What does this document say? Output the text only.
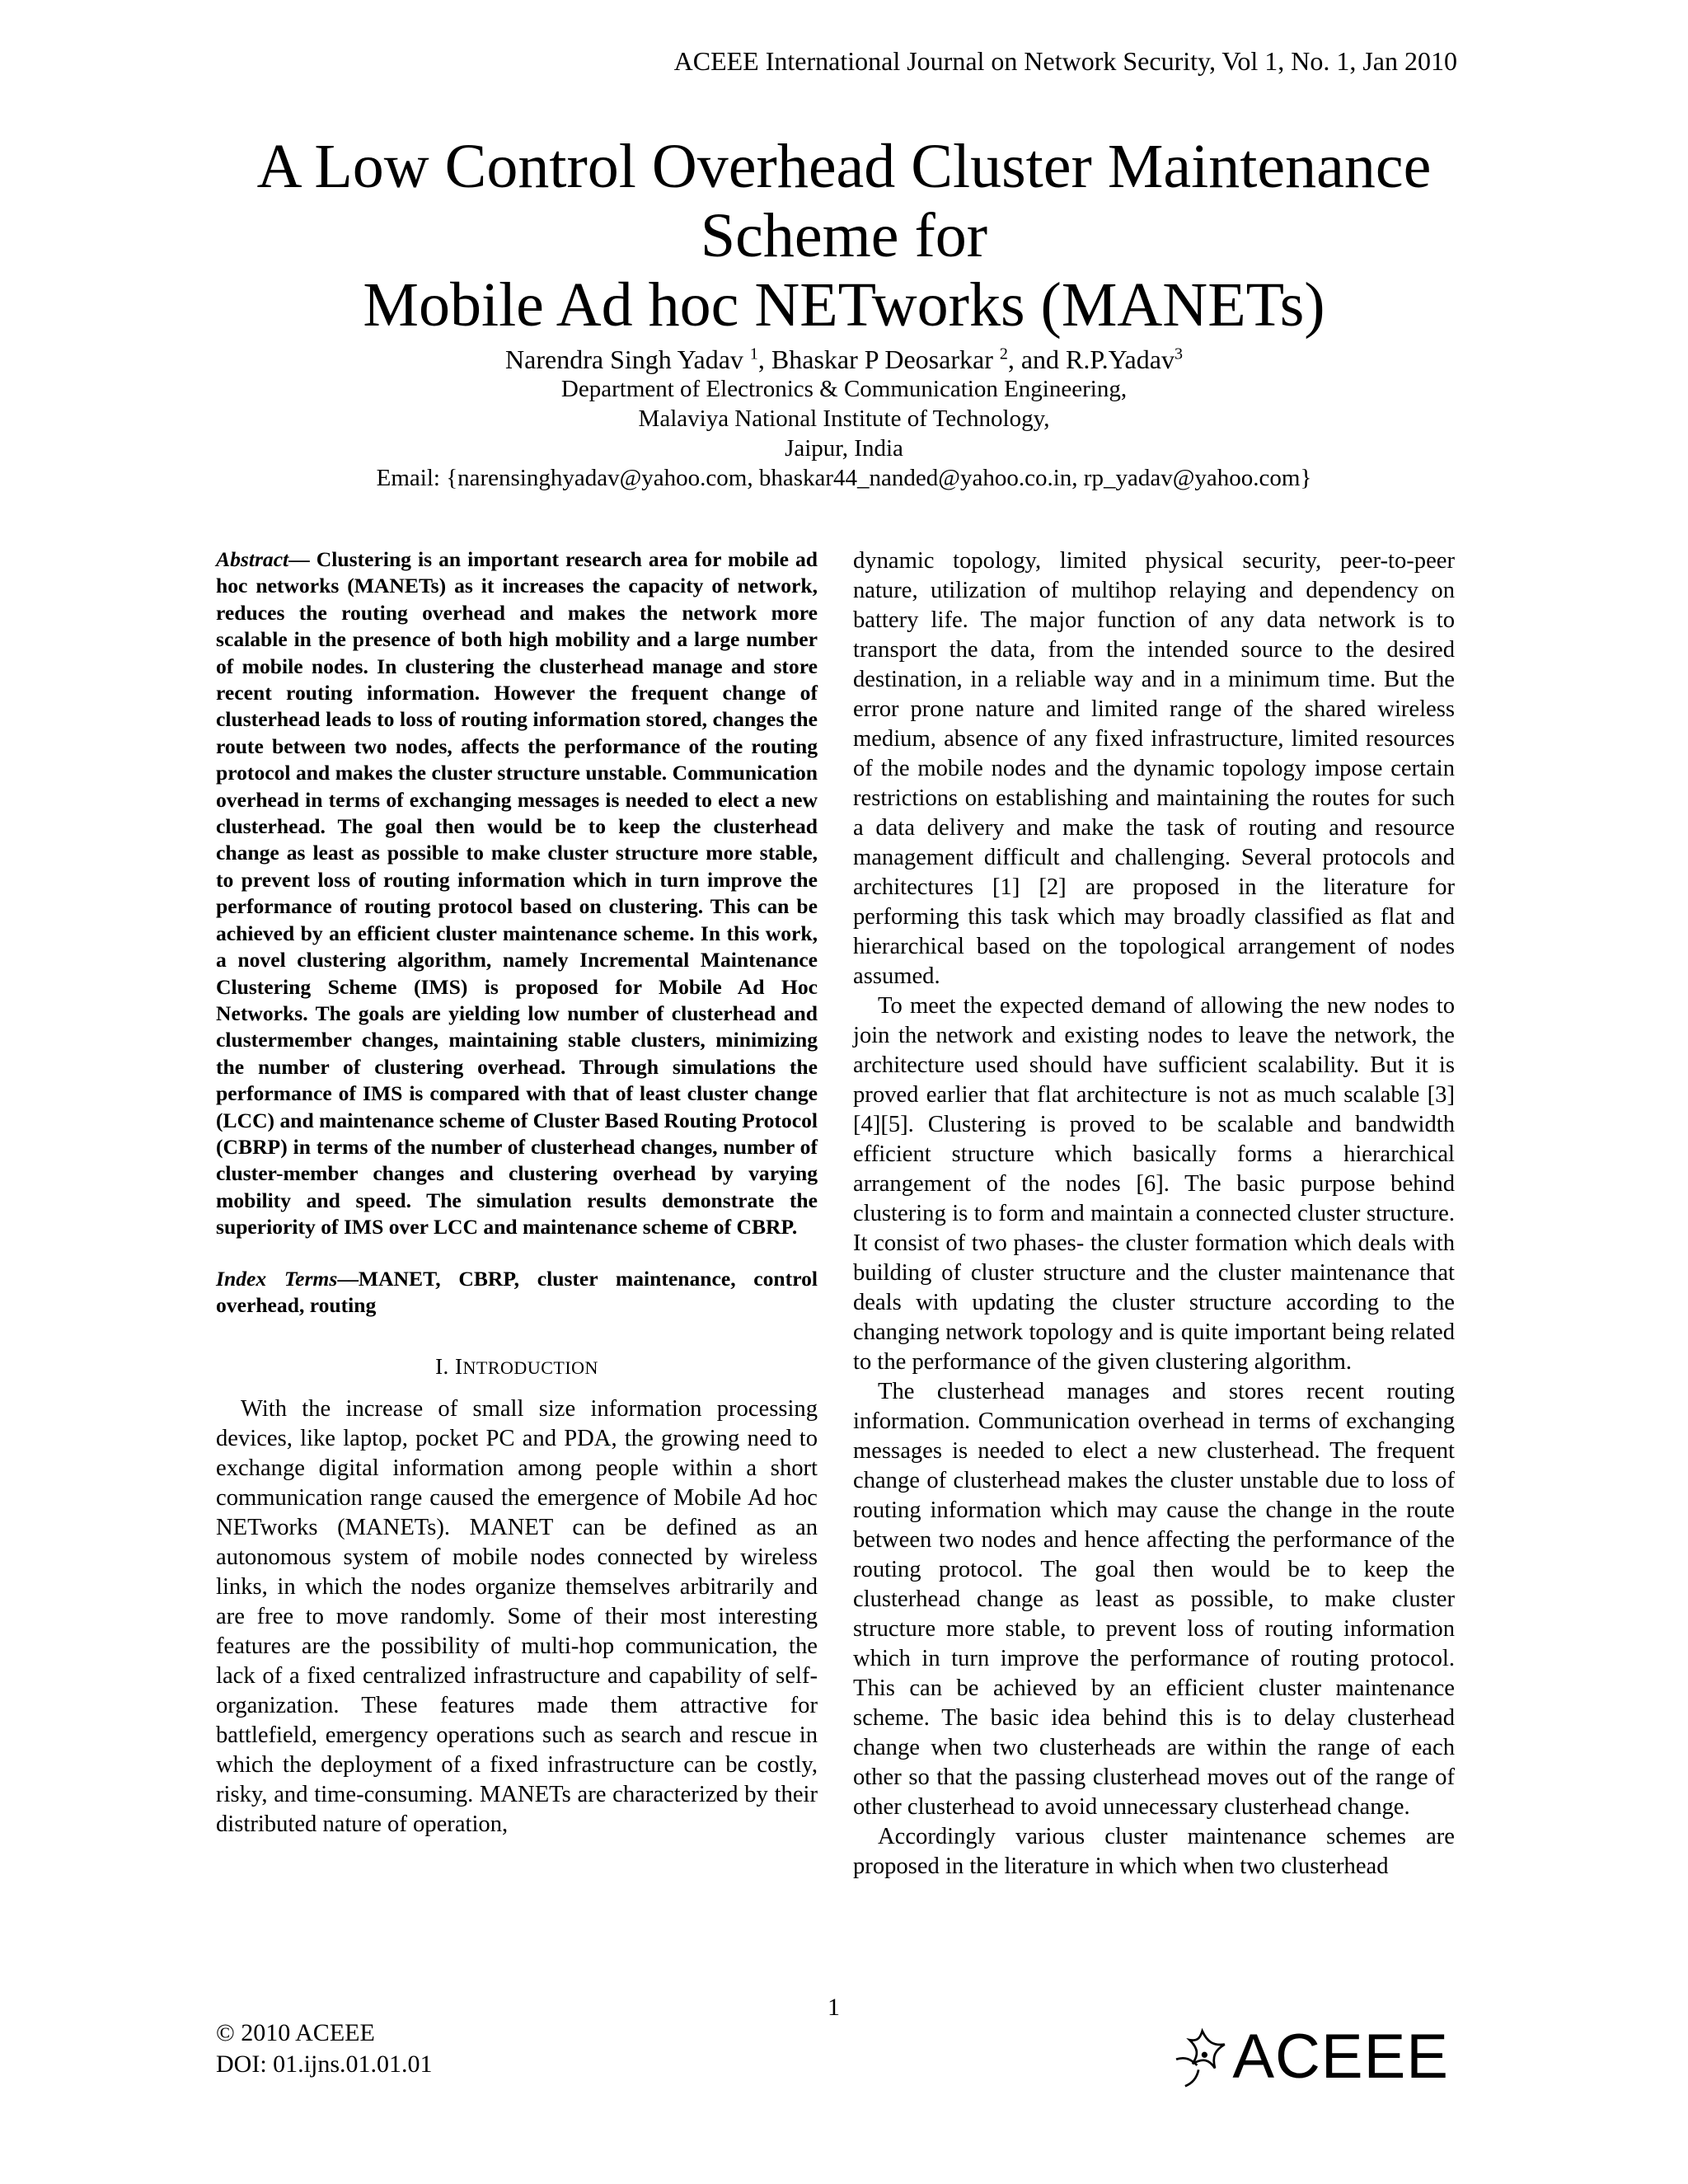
ACEEE International Journal on Network Security, Vol 1, No. 1, Jan 2010
A Low Control Overhead Cluster Maintenance
Scheme for
Mobile Ad hoc NETworks (MANETs)
Narendra Singh Yadav $^1$, Bhaskar P Deosarkar $^2$, and R.P.Yadav$^3$
Department of Electronics & Communication Engineering,
Malaviya National Institute of Technology,
Jaipur, India
Email: {narensinghyadav@yahoo.com, bhaskar44_nanded@yahoo.co.in, rp_yadav@yahoo.com}

Abstract— Clustering is an important research area for mobile ad hoc networks (MANETs) as it increases the capacity of network, reduces the routing overhead and makes the network more scalable in the presence of both high mobility and a large number of mobile nodes. In clustering the clusterhead manage and store recent routing information. However the frequent change of clusterhead leads to loss of routing information stored, changes the route between two nodes, affects the performance of the routing protocol and makes the cluster structure unstable. Communication overhead in terms of exchanging messages is needed to elect a new clusterhead. The goal then would be to keep the clusterhead change as least as possible to make cluster structure more stable, to prevent loss of routing information which in turn improve the performance of routing protocol based on clustering. This can be achieved by an efficient cluster maintenance scheme. In this work, a novel clustering algorithm, namely Incremental Maintenance Clustering Scheme (IMS) is proposed for Mobile Ad Hoc Networks. The goals are yielding low number of clusterhead and clustermember changes, maintaining stable clusters, minimizing the number of clustering overhead. Through simulations the performance of IMS is compared with that of least cluster change (LCC) and maintenance scheme of Cluster Based Routing Protocol (CBRP) in terms of the number of clusterhead changes, number of cluster-member changes and clustering overhead by varying mobility and speed. The simulation results demonstrate the superiority of IMS over LCC and maintenance scheme of CBRP.

Index Terms—MANET, CBRP, cluster maintenance, control overhead, routing

I. INTRODUCTION

With the increase of small size information processing devices, like laptop, pocket PC and PDA, the growing need to exchange digital information among people within a short communication range caused the emergence of Mobile Ad hoc NETworks (MANETs). MANET can be defined as an autonomous system of mobile nodes connected by wireless links, in which the nodes organize themselves arbitrarily and are free to move randomly. Some of their most interesting features are the possibility of multi-hop communication, the lack of a fixed centralized infrastructure and capability of self-organization. These features made them attractive for battlefield, emergency operations such as search and rescue in which the deployment of a fixed infrastructure can be costly, risky, and time-consuming. MANETs are characterized by their distributed nature of operation,

dynamic topology, limited physical security, peer-to-peer nature, utilization of multihop relaying and dependency on battery life. The major function of any data network is to transport the data, from the intended source to the desired destination, in a reliable way and in a minimum time. But the error prone nature and limited range of the shared wireless medium, absence of any fixed infrastructure, limited resources of the mobile nodes and the dynamic topology impose certain restrictions on establishing and maintaining the routes for such a data delivery and make the task of routing and resource management difficult and challenging. Several protocols and architectures [1] [2] are proposed in the literature for performing this task which may broadly classified as flat and hierarchical based on the topological arrangement of nodes assumed.

To meet the expected demand of allowing the new nodes to join the network and existing nodes to leave the network, the architecture used should have sufficient scalability. But it is proved earlier that flat architecture is not as much scalable [3][4][5]. Clustering is proved to be scalable and bandwidth efficient structure which basically forms a hierarchical arrangement of the nodes [6]. The basic purpose behind clustering is to form and maintain a connected cluster structure. It consist of two phases- the cluster formation which deals with building of cluster structure and the cluster maintenance that deals with updating the cluster structure according to the changing network topology and is quite important being related to the performance of the given clustering algorithm.

The clusterhead manages and stores recent routing information. Communication overhead in terms of exchanging messages is needed to elect a new clusterhead. The frequent change of clusterhead makes the cluster unstable due to loss of routing information which may cause the change in the route between two nodes and hence affecting the performance of the routing protocol. The goal then would be to keep the clusterhead change as least as possible, to make cluster structure more stable, to prevent loss of routing information which in turn improve the performance of routing protocol. This can be achieved by an efficient cluster maintenance scheme. The basic idea behind this is to delay clusterhead change when two clusterheads are within the range of each other so that the passing clusterhead moves out of the range of other clusterhead to avoid unnecessary clusterhead change.

Accordingly various cluster maintenance schemes are proposed in the literature in which when two clusterhead

1
© 2010 ACEEE
DOI: 01.ijns.01.01.01	ACEEE
